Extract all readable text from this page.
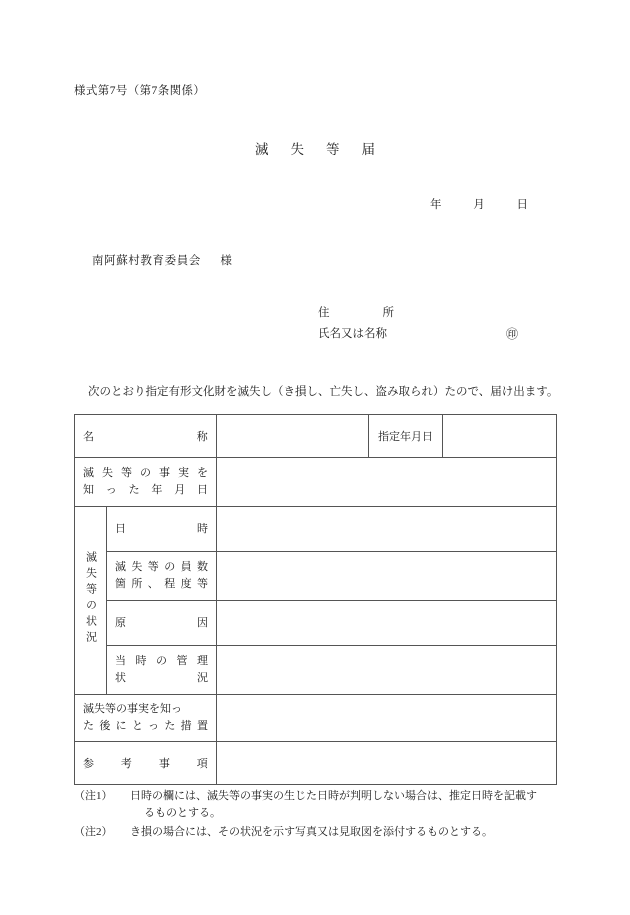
様式第7号（第7条関係）
滅失等届
年	月	日
南阿蘇村教育委員会 様
住所
氏名又は名称	㊞
次のとおり指定有形文化財を滅失し（き損し、亡失し、盗み取られ）たので、届け出ます。
名称			指定年月日	

滅失等の事実を
知った年月日				

滅失等の状況	日時			

	滅失等の員数
箇所、程度等			

	原因			

	当時の管理
状況			

滅失等の事実を知っ
た後にとった措置				

参考事項				

（注1） 日時の欄には、滅失等の事実の生じた日時が判明しない場合は、推定日時を記載す
るものとする。
（注2） き損の場合には、その状況を示す写真又は見取図を添付するものとする。
